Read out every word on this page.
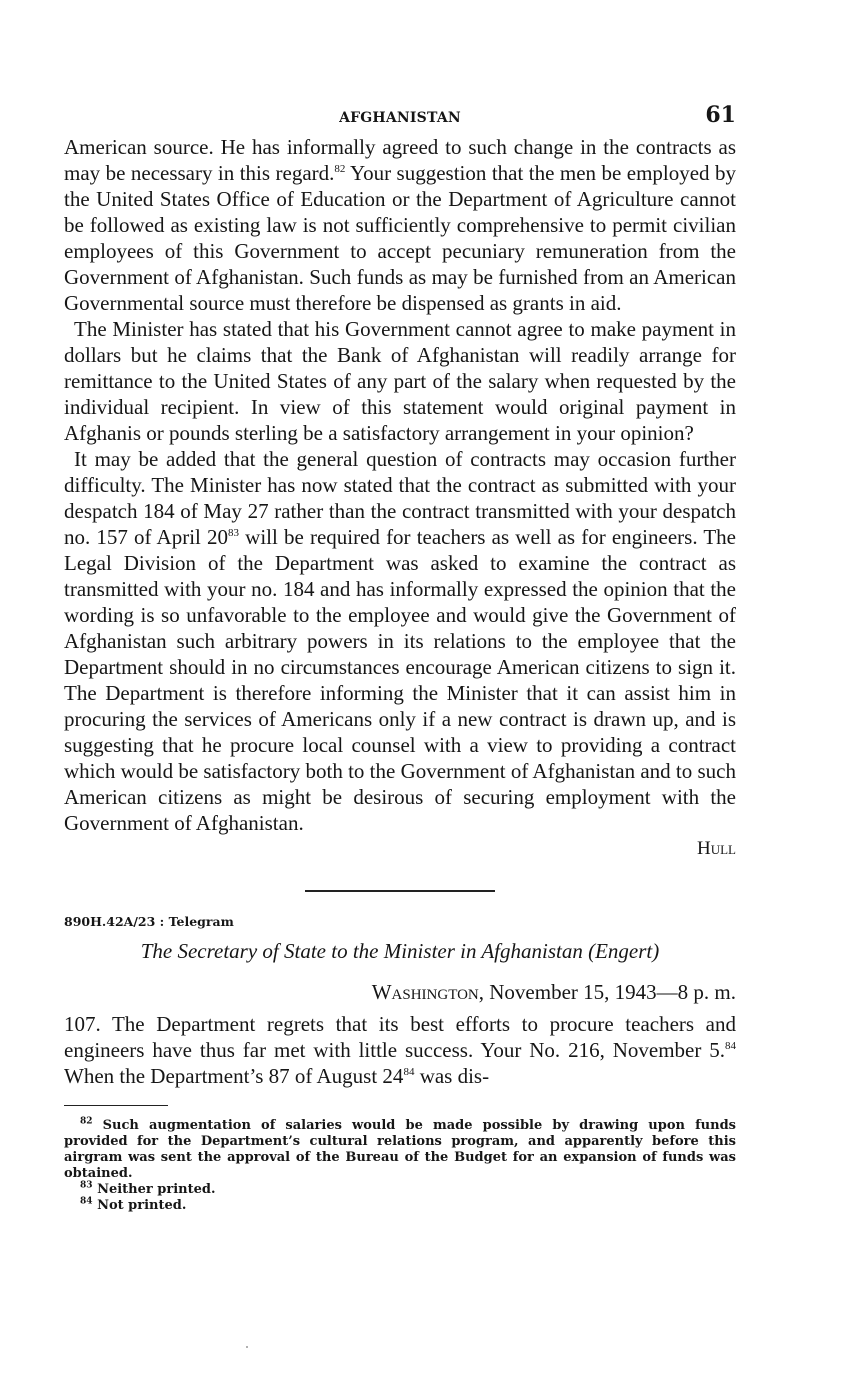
AFGHANISTAN	61

American source. He has informally agreed to such change in the contracts as may be necessary in this regard.$^{82}$ Your suggestion that the men be employed by the United States Office of Education or the Department of Agriculture cannot be followed as existing law is not sufficiently comprehensive to permit civilian employees of this Government to accept pecuniary remuneration from the Government of Afghanistan. Such funds as may be furnished from an American Governmental source must therefore be dispensed as grants in aid.

The Minister has stated that his Government cannot agree to make payment in dollars but he claims that the Bank of Afghanistan will readily arrange for remittance to the United States of any part of the salary when requested by the individual recipient. In view of this statement would original payment in Afghanis or pounds sterling be a satisfactory arrangement in your opinion?

It may be added that the general question of contracts may occasion further difficulty. The Minister has now stated that the contract as submitted with your despatch 184 of May 27 rather than the contract transmitted with your despatch no. 157 of April $20^{83}$ will be required for teachers as well as for engineers. The Legal Division of the Department was asked to examine the contract as transmitted with your no. 184 and has informally expressed the opinion that the wording is so unfavorable to the employee and would give the Government of Afghanistan such arbitrary powers in its relations to the employee that the Department should in no circumstances encourage American citizens to sign it. The Department is therefore informing the Minister that it can assist him in procuring the services of Americans only if a new contract is drawn up, and is suggesting that he procure local counsel with a view to providing a contract which would be satisfactory both to the Government of Afghanistan and to such American citizens as might be desirous of securing employment with the Government of Afghanistan.

Hull
890H.42A/23 : Telegram
The Secretary of State to the Minister in Afghanistan (Engert)
Washington, November 15, 1943—8 p. m.
107. The Department regrets that its best efforts to procure teachers and engineers have thus far met with little success. Your No. 216, November 5.84 When the Department’s 87 of August $24^{84}$ was dis-

$^{82}$ Such augmentation of salaries would be made possible by drawing upon funds provided for the Department’s cultural relations program, and apparently before this airgram was sent the approval of the Bureau of the Budget for an expansion of funds was obtained.

$^{83}$ Neither printed.

$^{84}$ Not printed.
